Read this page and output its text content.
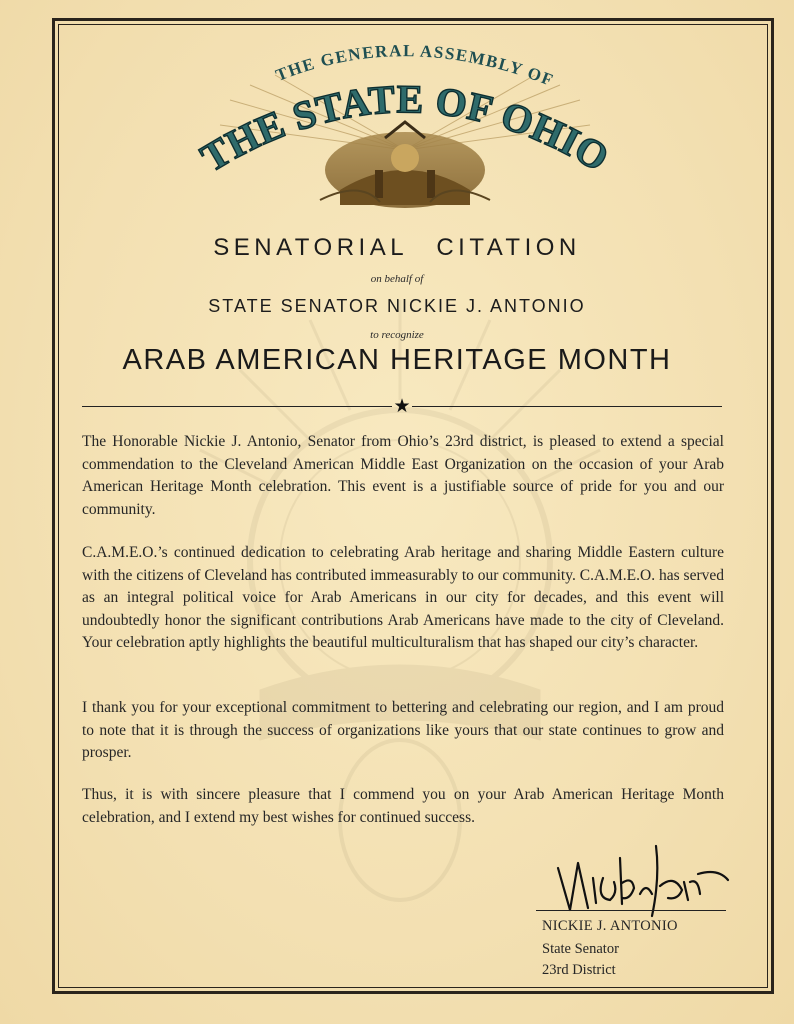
THE GENERAL ASSEMBLY OF
THE STATE OF OHIO
SENATORIAL CITATION
on behalf of
STATE SENATOR NICKIE J. ANTONIO
to recognize
ARAB AMERICAN HERITAGE MONTH
★
The Honorable Nickie J. Antonio, Senator from Ohio’s 23rd district, is pleased to extend a special commendation to the Cleveland American Middle East Organization on the occasion of your Arab American Heritage Month celebration. This event is a justifiable source of pride for you and our community.
C.A.M.E.O.’s continued dedication to celebrating Arab heritage and sharing Middle Eastern culture with the citizens of Cleveland has contributed immeasurably to our community. C.A.M.E.O. has served as an integral political voice for Arab Americans in our city for decades, and this event will undoubtedly honor the significant contributions Arab Americans have made to the city of Cleveland. Your celebration aptly highlights the beautiful multiculturalism that has shaped our city’s character.
I thank you for your exceptional commitment to bettering and celebrating our region, and I am proud to note that it is through the success of organizations like yours that our state continues to grow and prosper.
Thus, it is with sincere pleasure that I commend you on your Arab American Heritage Month celebration, and I extend my best wishes for continued success.
NICKIE J. ANTONIO
State Senator
23rd District
